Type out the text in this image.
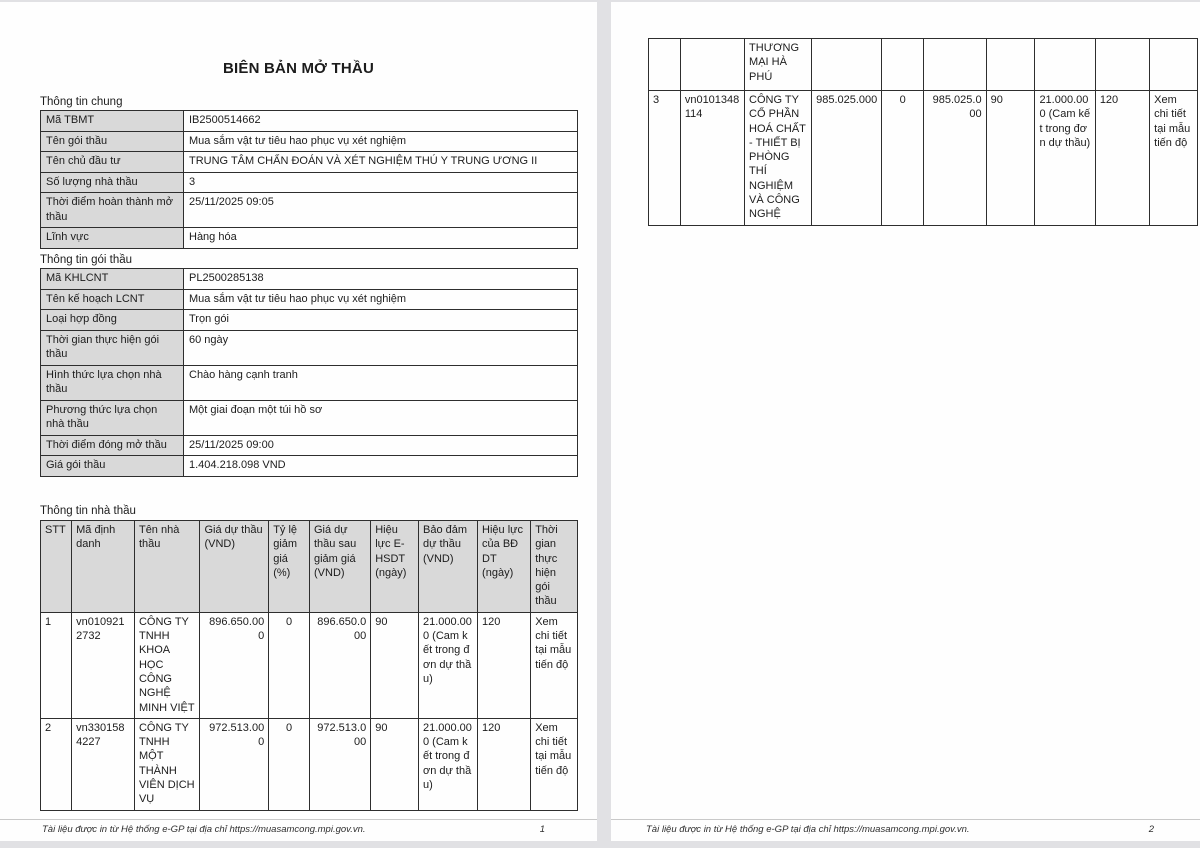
BIÊN BẢN MỞ THẦU
Thông tin chung
Mã TBMT	IB2500514662
Tên gói thầu	Mua sắm vật tư tiêu hao phục vụ xét nghiệm
Tên chủ đầu tư	TRUNG TÂM CHẨN ĐOÁN VÀ XÉT NGHIỆM THÚ Y TRUNG ƯƠNG II
Số lượng nhà thầu	3
Thời điểm hoàn thành mở thầu	25/11/2025 09:05
Lĩnh vực	Hàng hóa
Thông tin gói thầu
Mã KHLCNT	PL2500285138
Tên kế hoạch LCNT	Mua sắm vật tư tiêu hao phục vụ xét nghiệm
Loại hợp đồng	Trọn gói
Thời gian thực hiện gói thầu	60 ngày
Hình thức lựa chọn nhà thầu	Chào hàng cạnh tranh
Phương thức lựa chọn nhà thầu	Một giai đoạn một túi hồ sơ
Thời điểm đóng mở thầu	25/11/2025 09:00
Giá gói thầu	1.404.218.098 VND
Thông tin nhà thầu
STT	Mã định danh	Tên nhà thầu	Giá dự thầu (VND)	Tỷ lệ giảm giá (%)	Giá dự thầu sau giảm giá (VND)	Hiệu lực E-HSDT (ngày)	Bảo đảm dự thầu (VND)	Hiệu lực của BĐ DT (ngày)	Thời gian thực hiện gói thầu
1	vn0109212732	CÔNG TY TNHH KHOA HỌC CÔNG NGHỆ MINH VIỆT	896.650.000	0	896.650.000	90	21.000.000 (Cam kết trong đơn dự thầu)	120	Xem chi tiết tại mẫu tiến độ
2	vn3301584227	CÔNG TY TNHH MỘT THÀNH VIÊN DỊCH VỤ	972.513.000	0	972.513.000	90	21.000.000 (Cam kết trong đơn dự thầu)	120	Xem chi tiết tại mẫu tiến độ
Tài liệu được in từ Hệ thống e-GP tại địa chỉ https://muasamcong.mpi.gov.vn.	1
		THƯƠNG MẠI HÀ PHÚ							
3	vn0101348114	CÔNG TY CỔ PHẦN HOÁ CHẤT - THIẾT BỊ PHÒNG THÍ NGHIỆM VÀ CÔNG NGHỆ	985.025.000	0	985.025.000	90	21.000.000 (Cam kết trong đơn dự thầu)	120	Xem chi tiết tại mẫu tiến độ
Tài liệu được in từ Hệ thống e-GP tại địa chỉ https://muasamcong.mpi.gov.vn.	2
